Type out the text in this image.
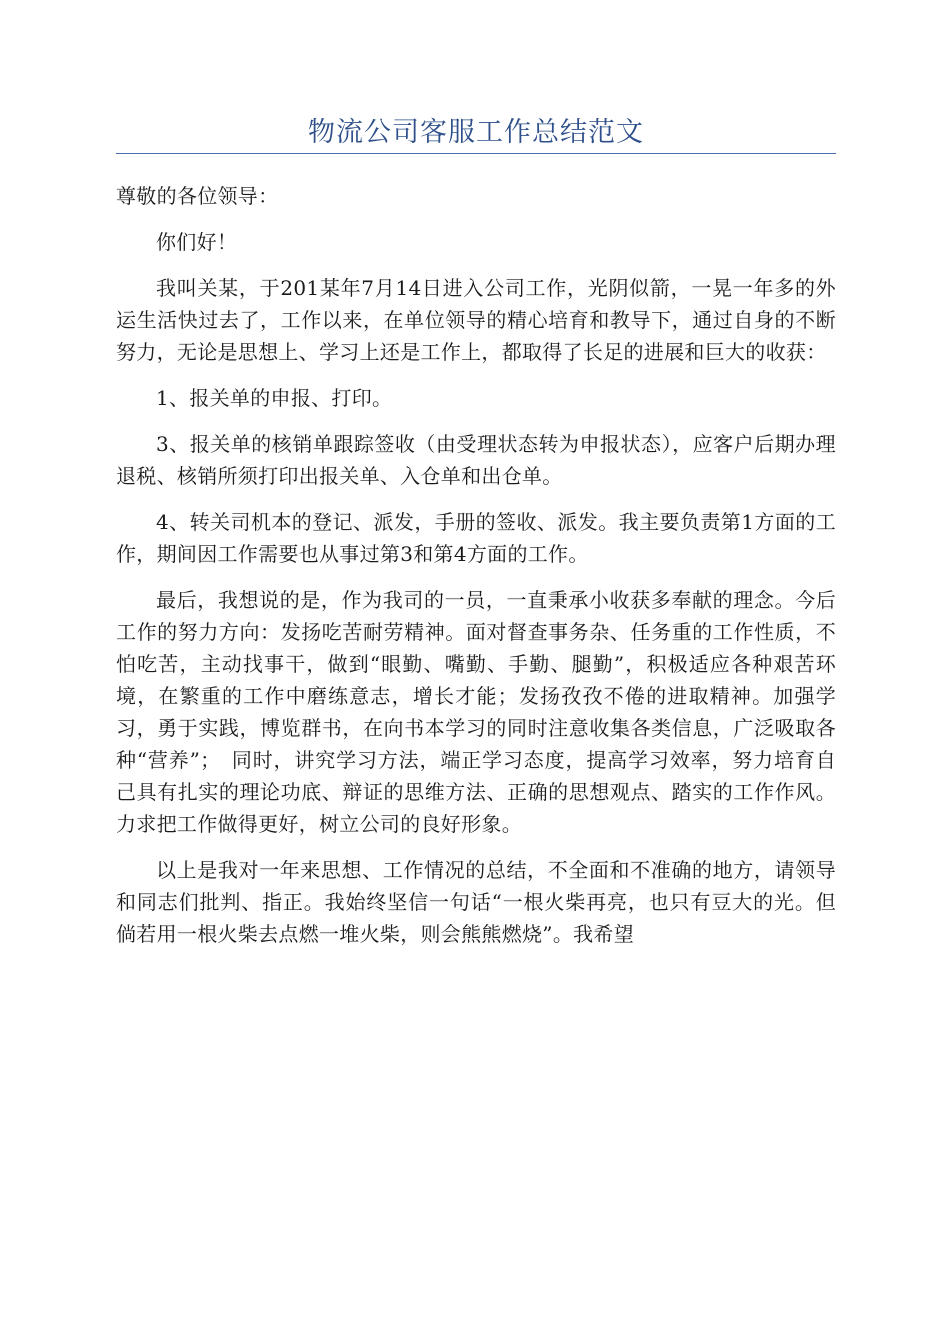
物流公司客服工作总结范文

尊敬的各位领导：

你们好！

我叫关某，于201某年7月14日进入公司工作，光阴似箭，一晃一年多的外运生活快过去了，工作以来，在单位领导的精心培育和教导下，通过自身的不断努力，无论是思想上、学习上还是工作上，都取得了长足的进展和巨大的收获：

1、报关单的申报、打印。

3、报关单的核销单跟踪签收（由受理状态转为申报状态），应客户后期办理退税、核销所须打印出报关单、入仓单和出仓单。

4、转关司机本的登记、派发，手册的签收、派发。我主要负责第1方面的工作，期间因工作需要也从事过第3和第4方面的工作。

最后，我想说的是，作为我司的一员，一直秉承小收获多奉献的理念。今后工作的努力方向：发扬吃苦耐劳精神。面对督查事务杂、任务重的工作性质，不怕吃苦，主动找事干，做到“眼勤、嘴勤、手勤、腿勤”，积极适应各种艰苦环境，在繁重的工作中磨练意志，增长才能；发扬孜孜不倦的进取精神。加强学习，勇于实践，博览群书，在向书本学习的同时注意收集各类信息，广泛吸取各种“营养”；　同时，讲究学习方法，端正学习态度，提高学习效率，努力培育自己具有扎实的理论功底、辩证的思维方法、正确的思想观点、踏实的工作作风。力求把工作做得更好，树立公司的良好形象。

以上是我对一年来思想、工作情况的总结，不全面和不准确的地方，请领导和同志们批判、指正。我始终坚信一句话“一根火柴再亮，也只有豆大的光。但倘若用一根火柴去点燃一堆火柴，则会熊熊燃烧”。我希望
